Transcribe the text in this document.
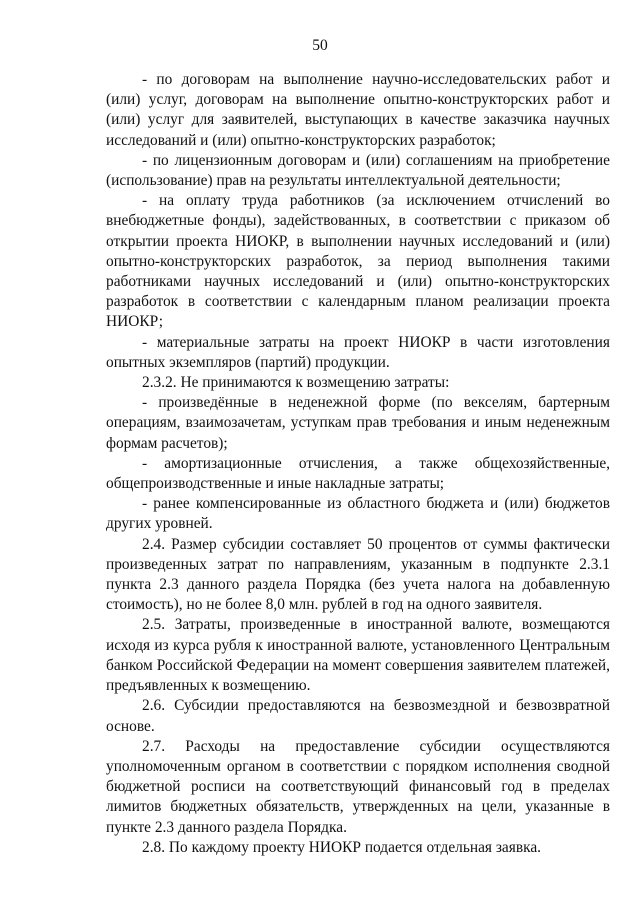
50

- по договорам на выполнение научно-исследовательских работ и (или) услуг, договорам на выполнение опытно-конструкторских работ и (или) услуг для заявителей, выступающих в качестве заказчика научных исследований и (или) опытно-конструкторских разработок;

- по лицензионным договорам и (или) соглашениям на приобретение (использование) прав на результаты интеллектуальной деятельности;

- на оплату труда работников (за исключением отчислений во внебюджетные фонды), задействованных, в соответствии с приказом об открытии проекта НИОКР, в выполнении научных исследований и (или) опытно-конструкторских разработок, за период выполнения такими работниками научных исследований и (или) опытно-конструкторских разработок в соответствии с календарным планом реализации проекта НИОКР;

- материальные затраты на проект НИОКР в части изготовления опытных экземпляров (партий) продукции.

2.3.2. Не принимаются к возмещению затраты:

- произведённые в неденежной форме (по векселям, бартерным операциям, взаимозачетам, уступкам прав требования и иным неденежным формам расчетов);

- амортизационные отчисления, а также общехозяйственные, общепроизводственные и иные накладные затраты;

- ранее компенсированные из областного бюджета и (или) бюджетов других уровней.

2.4. Размер субсидии составляет 50 процентов от суммы фактически произведенных затрат по направлениям, указанным в подпункте 2.3.1 пункта 2.3 данного раздела Порядка (без учета налога на добавленную стоимость), но не более 8,0 млн. рублей в год на одного заявителя.

2.5. Затраты, произведенные в иностранной валюте, возмещаются исходя из курса рубля к иностранной валюте, установленного Центральным банком Российской Федерации на момент совершения заявителем платежей, предъявленных к возмещению.

2.6. Субсидии предоставляются на безвозмездной и безвозвратной основе.

2.7. Расходы на предоставление субсидии осуществляются уполномоченным органом в соответствии с порядком исполнения сводной бюджетной росписи на соответствующий финансовый год в пределах лимитов бюджетных обязательств, утвержденных на цели, указанные в пункте 2.3 данного раздела Порядка.

2.8. По каждому проекту НИОКР подается отдельная заявка.
